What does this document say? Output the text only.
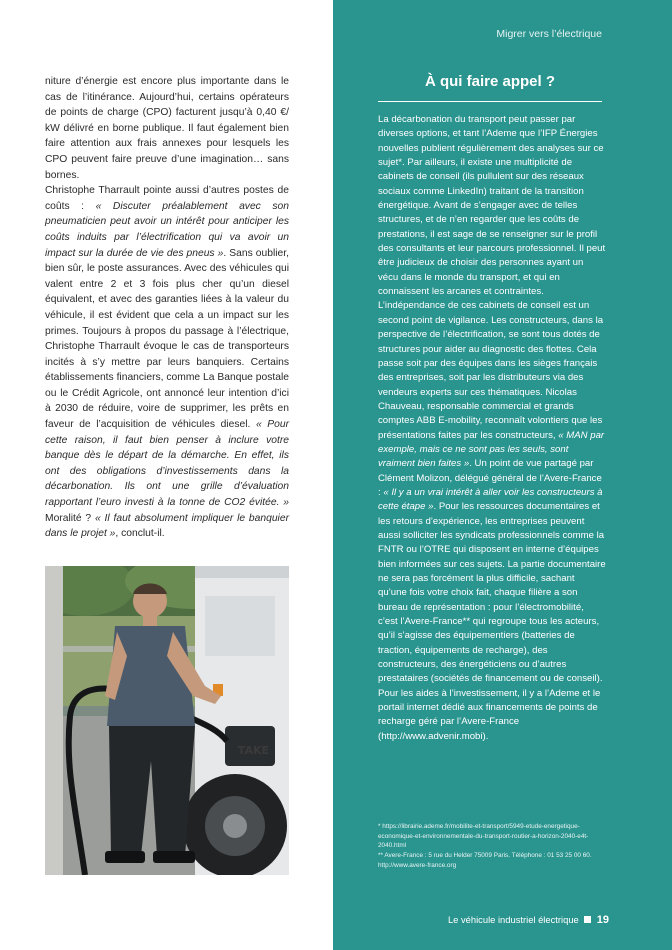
niture d’énergie est encore plus importante dans le cas de l’itinérance. Aujourd’hui, certains opérateurs de points de charge (CPO) facturent jusqu’à 0,40 €/ kW délivré en borne publique. Il faut également bien faire attention aux frais annexes pour lesquels les CPO peuvent faire preuve d’une imagination… sans bornes.

Christophe Tharrault pointe aussi d’autres postes de coûts : « Discuter préalablement avec son pneumaticien peut avoir un intérêt pour anticiper les coûts induits par l’électrification qui va avoir un impact sur la durée de vie des pneus ». Sans oublier, bien sûr, le poste assurances. Avec des véhicules qui valent entre 2 et 3 fois plus cher qu’un diesel équivalent, et avec des garanties liées à la valeur du véhicule, il est évident que cela a un impact sur les primes. Toujours à propos du passage à l’électrique, Christophe Tharrault évoque le cas de transporteurs incités à s’y mettre par leurs banquiers. Certains établissements financiers, comme La Banque postale ou le Crédit Agricole, ont annoncé leur intention d’ici à 2030 de réduire, voire de supprimer, les prêts en faveur de l’acquisition de véhicules diesel. « Pour cette raison, il faut bien penser à inclure votre banque dès le départ de la démarche. En effet, ils ont des obligations d’investissements dans la décarbonation. Ils ont une grille d’évaluation rapportant l’euro investi à la tonne de CO2 évitée. » Moralité ? « Il faut absolument impliquer le banquier dans le projet », conclut-il.

TAKE
Migrer vers l’électrique
À qui faire appel ?
La décarbonation du transport peut passer par diverses options, et tant l’Ademe que l’IFP Énergies nouvelles publient régulièrement des analyses sur ce sujet*. Par ailleurs, il existe une multiplicité de cabinets de conseil (ils pullulent sur des réseaux sociaux comme LinkedIn) traitant de la transition énergétique. Avant de s’engager avec de telles structures, et de n’en regarder que les coûts de prestations, il est sage de se renseigner sur le profil des consultants et leur parcours professionnel. Il peut être judicieux de choisir des personnes ayant un vécu dans le monde du transport, et qui en connaissent les arcanes et contraintes. L’indépendance de ces cabinets de conseil est un second point de vigilance. Les constructeurs, dans la perspective de l’électrification, se sont tous dotés de structures pour aider au diagnostic des flottes. Cela passe soit par des équipes dans les sièges français des entreprises, soit par les distributeurs via des vendeurs experts sur ces thématiques. Nicolas Chauveau, responsable commercial et grands comptes ABB E-mobility, reconnaît volontiers que les présentations faites par les constructeurs, « MAN par exemple, mais ce ne sont pas les seuls, sont vraiment bien faites ». Un point de vue partagé par Clément Molizon, délégué général de l’Avere-France : « Il y a un vrai intérêt à aller voir les constructeurs à cette étape ». Pour les ressources documentaires et les retours d’expérience, les entreprises peuvent aussi solliciter les syndicats professionnels comme la FNTR ou l’OTRE qui disposent en interne d’équipes bien informées sur ces sujets. La partie documentaire ne sera pas forcément la plus difficile, sachant qu’une fois votre choix fait, chaque filière a son bureau de représentation : pour l’électromobilité, c’est l’Avere-France** qui regroupe tous les acteurs, qu’il s’agisse des équipementiers (batteries de traction, équipements de recharge), des constructeurs, des énergéticiens ou d’autres prestataires (sociétés de financement ou de conseil). Pour les aides à l’investissement, il y a l’Ademe et le portail internet dédié aux financements de points de recharge géré par l’Avere-France (http://www.advenir.mobi).

* https://librairie.ademe.fr/mobilite-et-transport/5949-etude-energetique-economique-et-environnementale-du-transport-routier-a-horizon-2040-e4t-2040.html

** Avere-France : 5 rue du Helder 75009 Paris. Téléphone : 01 53 25 00 60. http://www.avere-france.org

Le véhicule industriel électrique 19
